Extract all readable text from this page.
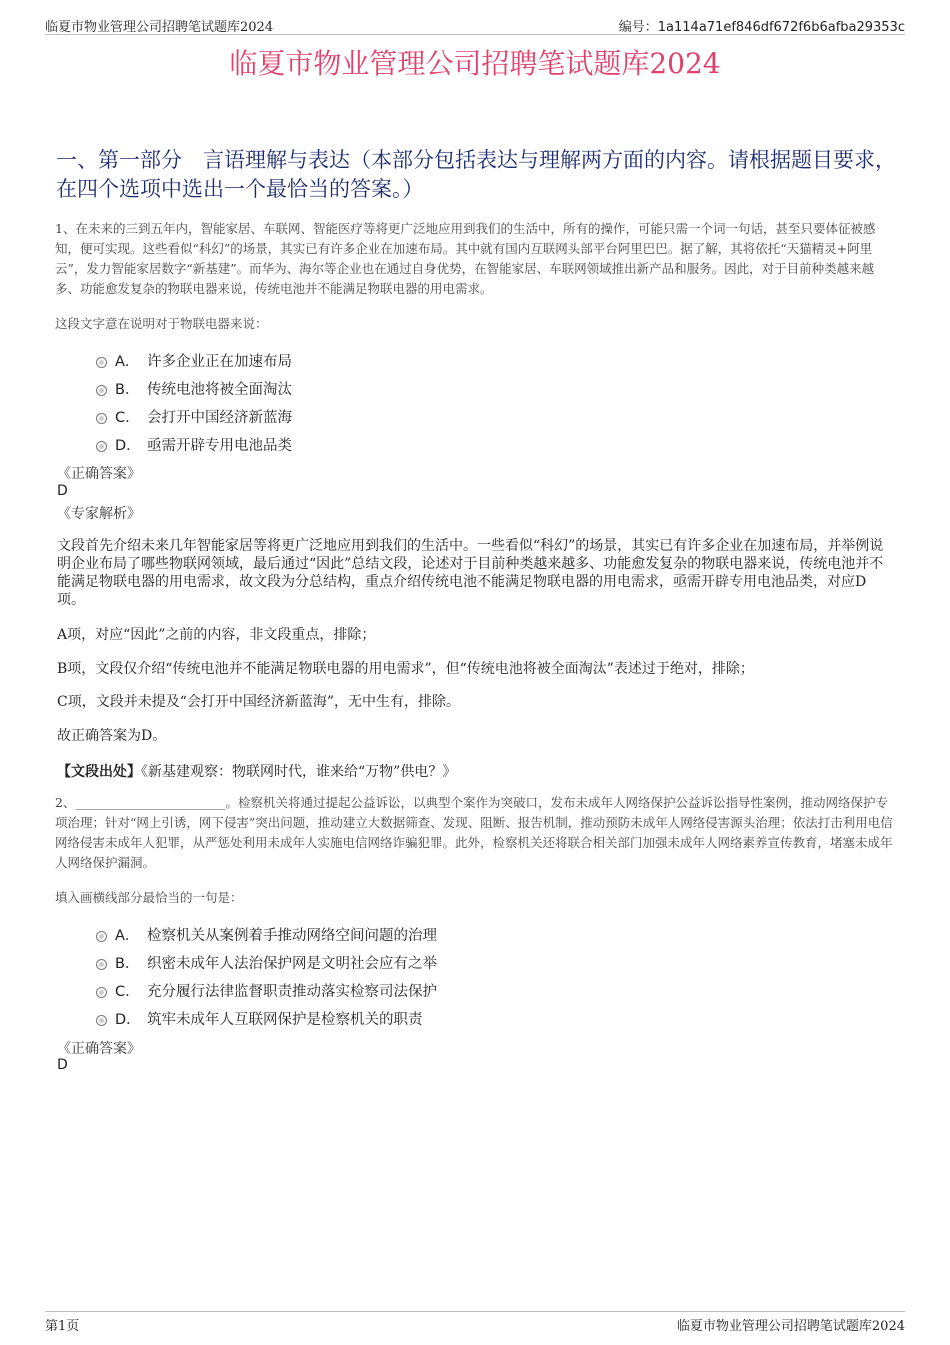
临夏市物业管理公司招聘笔试题库2024	编号：1a114a71ef846df672f6b6afba29353c
临夏市物业管理公司招聘笔试题库2024
一、第一部分　言语理解与表达（本部分包括表达与理解两方面的内容。请根据题目要求，在四个选项中选出一个最恰当的答案。）
1、在未来的三到五年内，智能家居、车联网、智能医疗等将更广泛地应用到我们的生活中，所有的操作，可能只需一个词一句话，甚至只要体征被感知，便可实现。这些看似“科幻”的场景，其实已有许多企业在加速布局。其中就有国内互联网头部平台阿里巴巴。据了解，其将依托“天猫精灵+阿里云”，发力智能家居数字“新基建”。而华为、海尔等企业也在通过自身优势，在智能家居、车联网领域推出新产品和服务。因此，对于目前种类越来越多、功能愈发复杂的物联电器来说，传统电池并不能满足物联电器的用电需求。
这段文字意在说明对于物联电器来说：
A． 许多企业正在加速布局
B． 传统电池将被全面淘汰
C． 会打开中国经济新蓝海
D． 亟需开辟专用电池品类
《正确答案》
D
《专家解析》
文段首先介绍未来几年智能家居等将更广泛地应用到我们的生活中。一些看似“科幻”的场景，其实已有许多企业在加速布局，并举例说明企业布局了哪些物联网领域，最后通过“因此”总结文段，论述对于目前种类越来越多、功能愈发复杂的物联电器来说，传统电池并不能满足物联电器的用电需求，故文段为分总结构，重点介绍传统电池不能满足物联电器的用电需求，亟需开辟专用电池品类，对应D项。
A项，对应“因此”之前的内容，非文段重点，排除；
B项，文段仅介绍“传统电池并不能满足物联电器的用电需求”，但“传统电池将被全面淘汰”表述过于绝对，排除；
C项，文段并未提及“会打开中国经济新蓝海”，无中生有，排除。
故正确答案为D。
【文段出处】《新基建观察：物联网时代，谁来给“万物”供电？》
2、________________________。检察机关将通过提起公益诉讼，以典型个案作为突破口，发布未成年人网络保护公益诉讼指导性案例，推动网络保护专项治理；针对“网上引诱，网下侵害”突出问题，推动建立大数据筛查、发现、阻断、报告机制，推动预防未成年人网络侵害源头治理；依法打击利用电信网络侵害未成年人犯罪，从严惩处利用未成年人实施电信网络诈骗犯罪。此外，检察机关还将联合相关部门加强未成年人网络素养宣传教育，堵塞未成年人网络保护漏洞。
填入画横线部分最恰当的一句是：
A． 检察机关从案例着手推动网络空间问题的治理
B． 织密未成年人法治保护网是文明社会应有之举
C． 充分履行法律监督职责推动落实检察司法保护
D． 筑牢未成年人互联网保护是检察机关的职责
《正确答案》
D
第1页	临夏市物业管理公司招聘笔试题库2024
